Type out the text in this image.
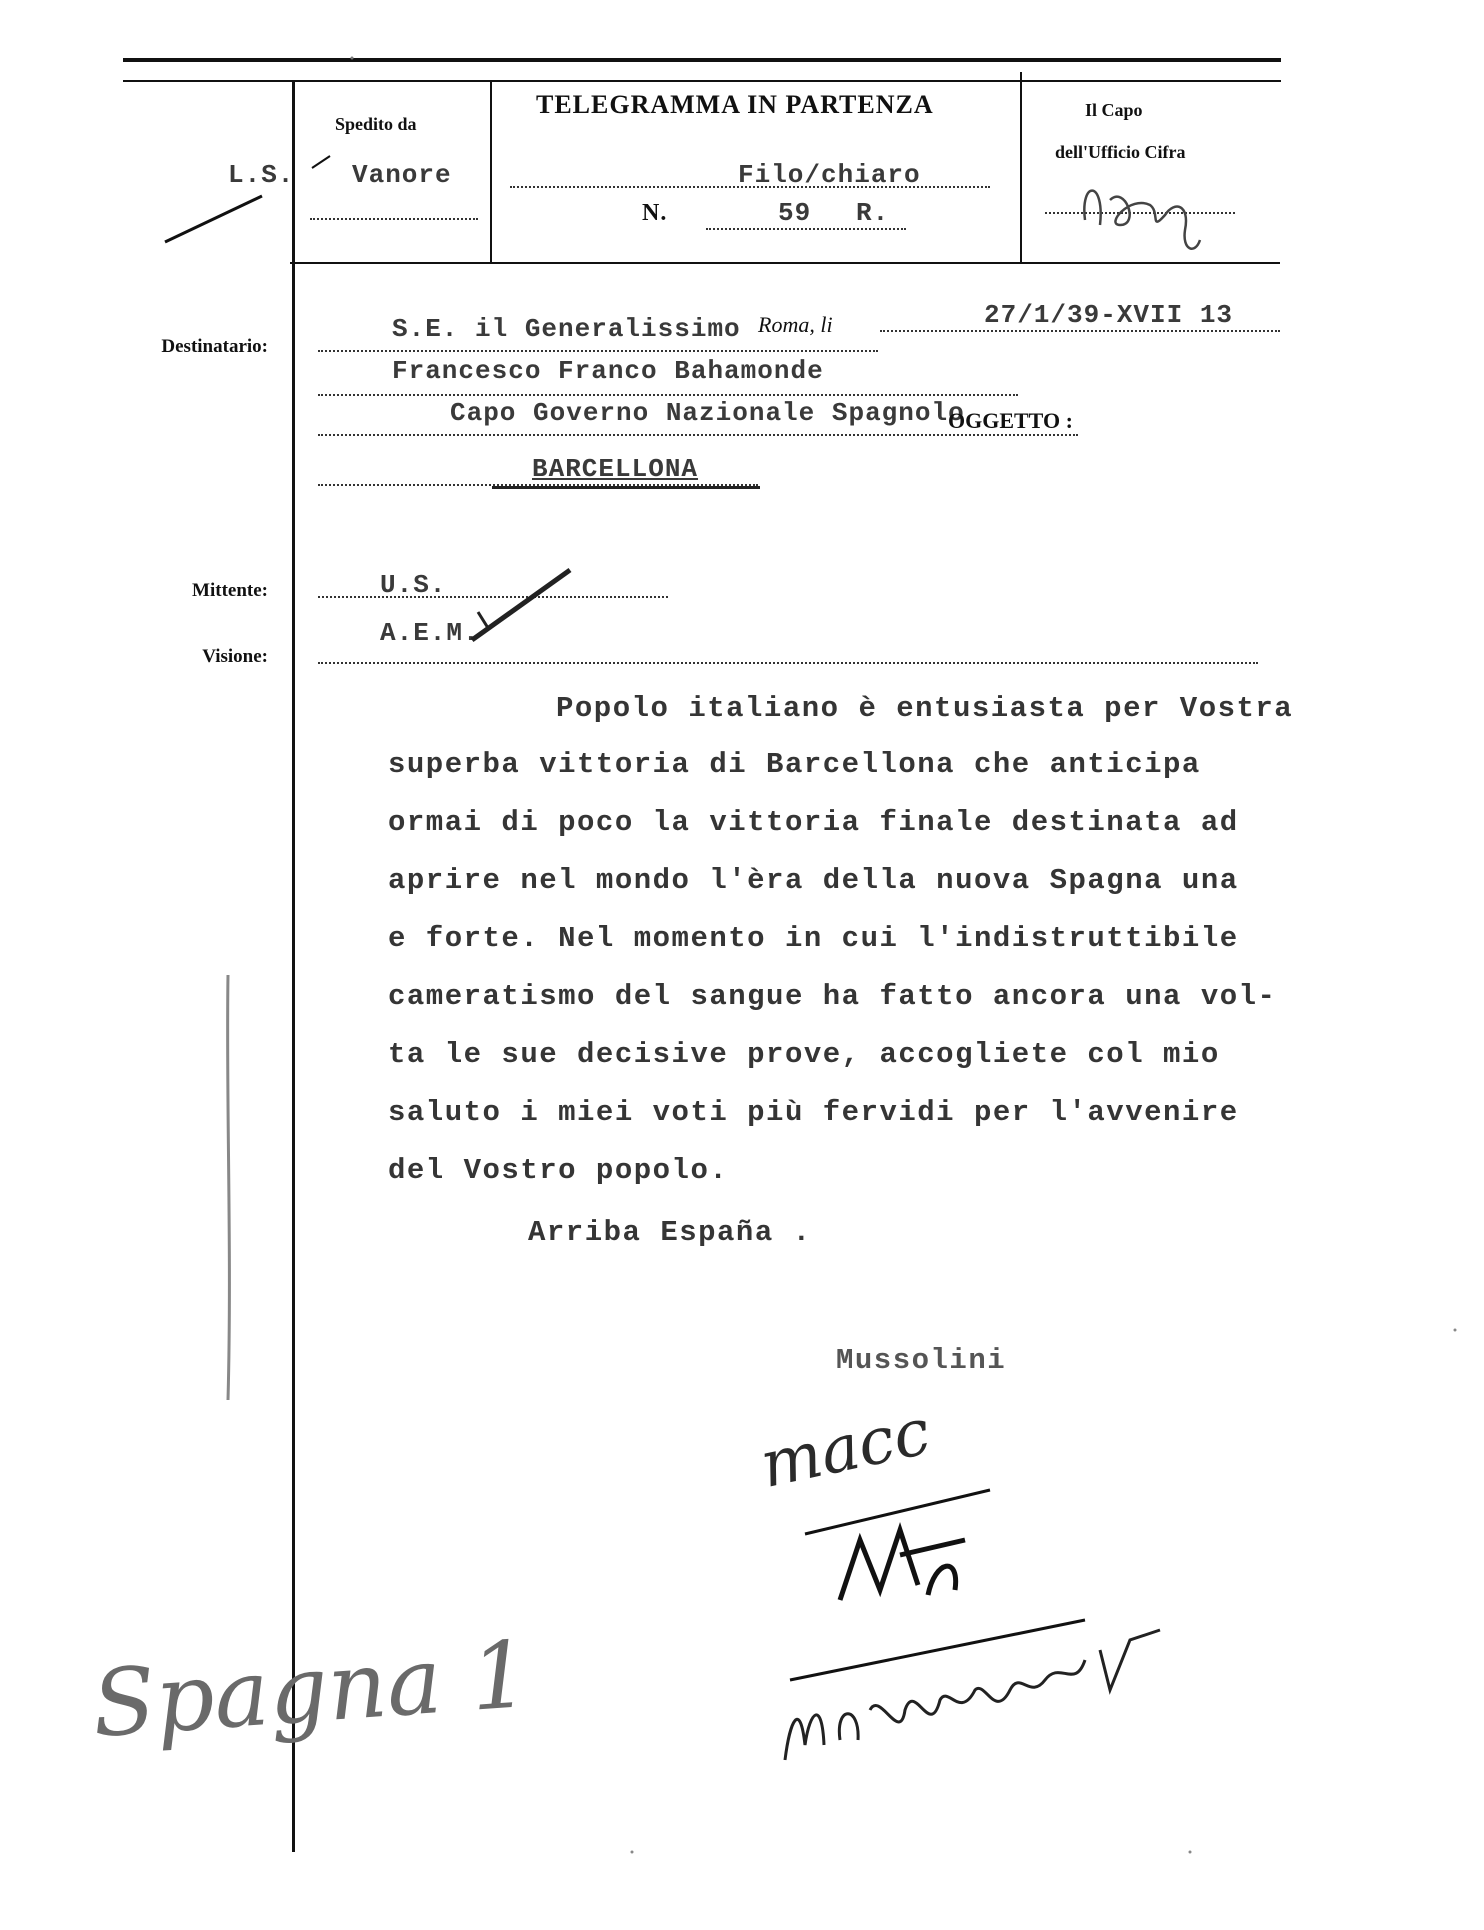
Spedito da
L.S. Vanore
TELEGRAMMA IN PARTENZA
Filo/chiaro
N.	59 R.
Il Capo
dell'Ufficio Cifra
Destinatario:
Mittente:
Visione:
S.E. il Generalissimo Roma, li	27/1/39-XVII 13
Francesco Franco Bahamonde
Capo Governo Nazionale Spagnolo
OGGETTO :
BARCELLONA
U.S.
A.E.M.
Popolo italiano è entusiasta per Vostra
superba vittoria di Barcellona che anticipa
ormai di poco la vittoria finale destinata ad
aprire nel mondo l'èra della nuova Spagna una
e forte. Nel momento in cui l'indistruttibile
cameratismo del sangue ha fatto ancora una vol-
ta le sue decisive prove, accogliete col mio
saluto i miei voti più fervidi per l'avvenire
del Vostro popolo.
Arriba España .
Mussolini
macc
Spagna 1
